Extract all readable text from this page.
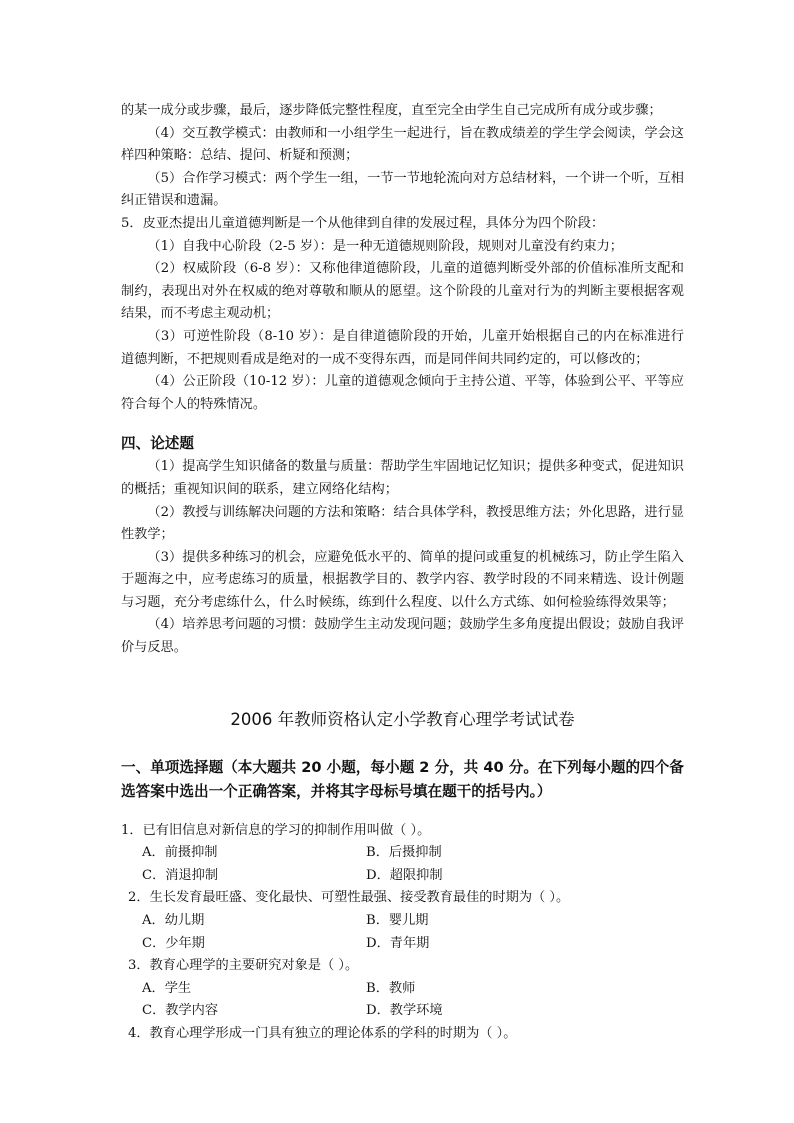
的某一成分或步骤，最后，逐步降低完整性程度，直至完全由学生自己完成所有成分或步骤；
（4）交互教学模式：由教师和一小组学生一起进行，旨在教成绩差的学生学会阅读，学会这样四种策略：总结、提问、析疑和预测；
（5）合作学习模式：两个学生一组，一节一节地轮流向对方总结材料，一个讲一个听，互相纠正错误和遗漏。
5．皮亚杰提出儿童道德判断是一个从他律到自律的发展过程，具体分为四个阶段：
（1）自我中心阶段（2-5 岁）：是一种无道德规则阶段，规则对儿童没有约束力；
（2）权威阶段（6-8 岁）：又称他律道德阶段，儿童的道德判断受外部的价值标准所支配和制约，表现出对外在权威的绝对尊敬和顺从的愿望。这个阶段的儿童对行为的判断主要根据客观结果，而不考虑主观动机；
（3）可逆性阶段（8-10 岁）：是自律道德阶段的开始，儿童开始根据自己的内在标准进行道德判断，不把规则看成是绝对的一成不变得东西，而是同伴间共同约定的，可以修改的；
（4）公正阶段（10-12 岁）：儿童的道德观念倾向于主持公道、平等，体验到公平、平等应符合每个人的特殊情况。
四、论述题
（1）提高学生知识储备的数量与质量：帮助学生牢固地记忆知识；提供多种变式，促进知识的概括；重视知识间的联系，建立网络化结构；
（2）教授与训练解决问题的方法和策略：结合具体学科，教授思维方法；外化思路，进行显性教学；
（3）提供多种练习的机会，应避免低水平的、简单的提问或重复的机械练习，防止学生陷入于题海之中，应考虑练习的质量，根据教学目的、教学内容、教学时段的不同来精选、设计例题与习题，充分考虑练什么，什么时候练，练到什么程度、以什么方式练、如何检验练得效果等；
（4）培养思考问题的习惯：鼓励学生主动发现问题；鼓励学生多角度提出假设；鼓励自我评价与反思。
2006 年教师资格认定小学教育心理学考试试卷
一、单项选择题（本大题共 20 小题，每小题 2 分，共 40 分。在下列每小题的四个备选答案中选出一个正确答案，并将其字母标号填在题干的括号内。）
1．已有旧信息对新信息的学习的抑制作用叫做（ ）。
A．前摄抑制	B．后摄抑制
C．消退抑制	D．超限抑制
2．生长发育最旺盛、变化最快、可塑性最强、接受教育最佳的时期为（ ）。
A．幼儿期	B．婴儿期
C．少年期	D．青年期
3．教育心理学的主要研究对象是（ ）。
A．学生	B．教师
C．教学内容	D．教学环境
4．教育心理学形成一门具有独立的理论体系的学科的时期为（ ）。
